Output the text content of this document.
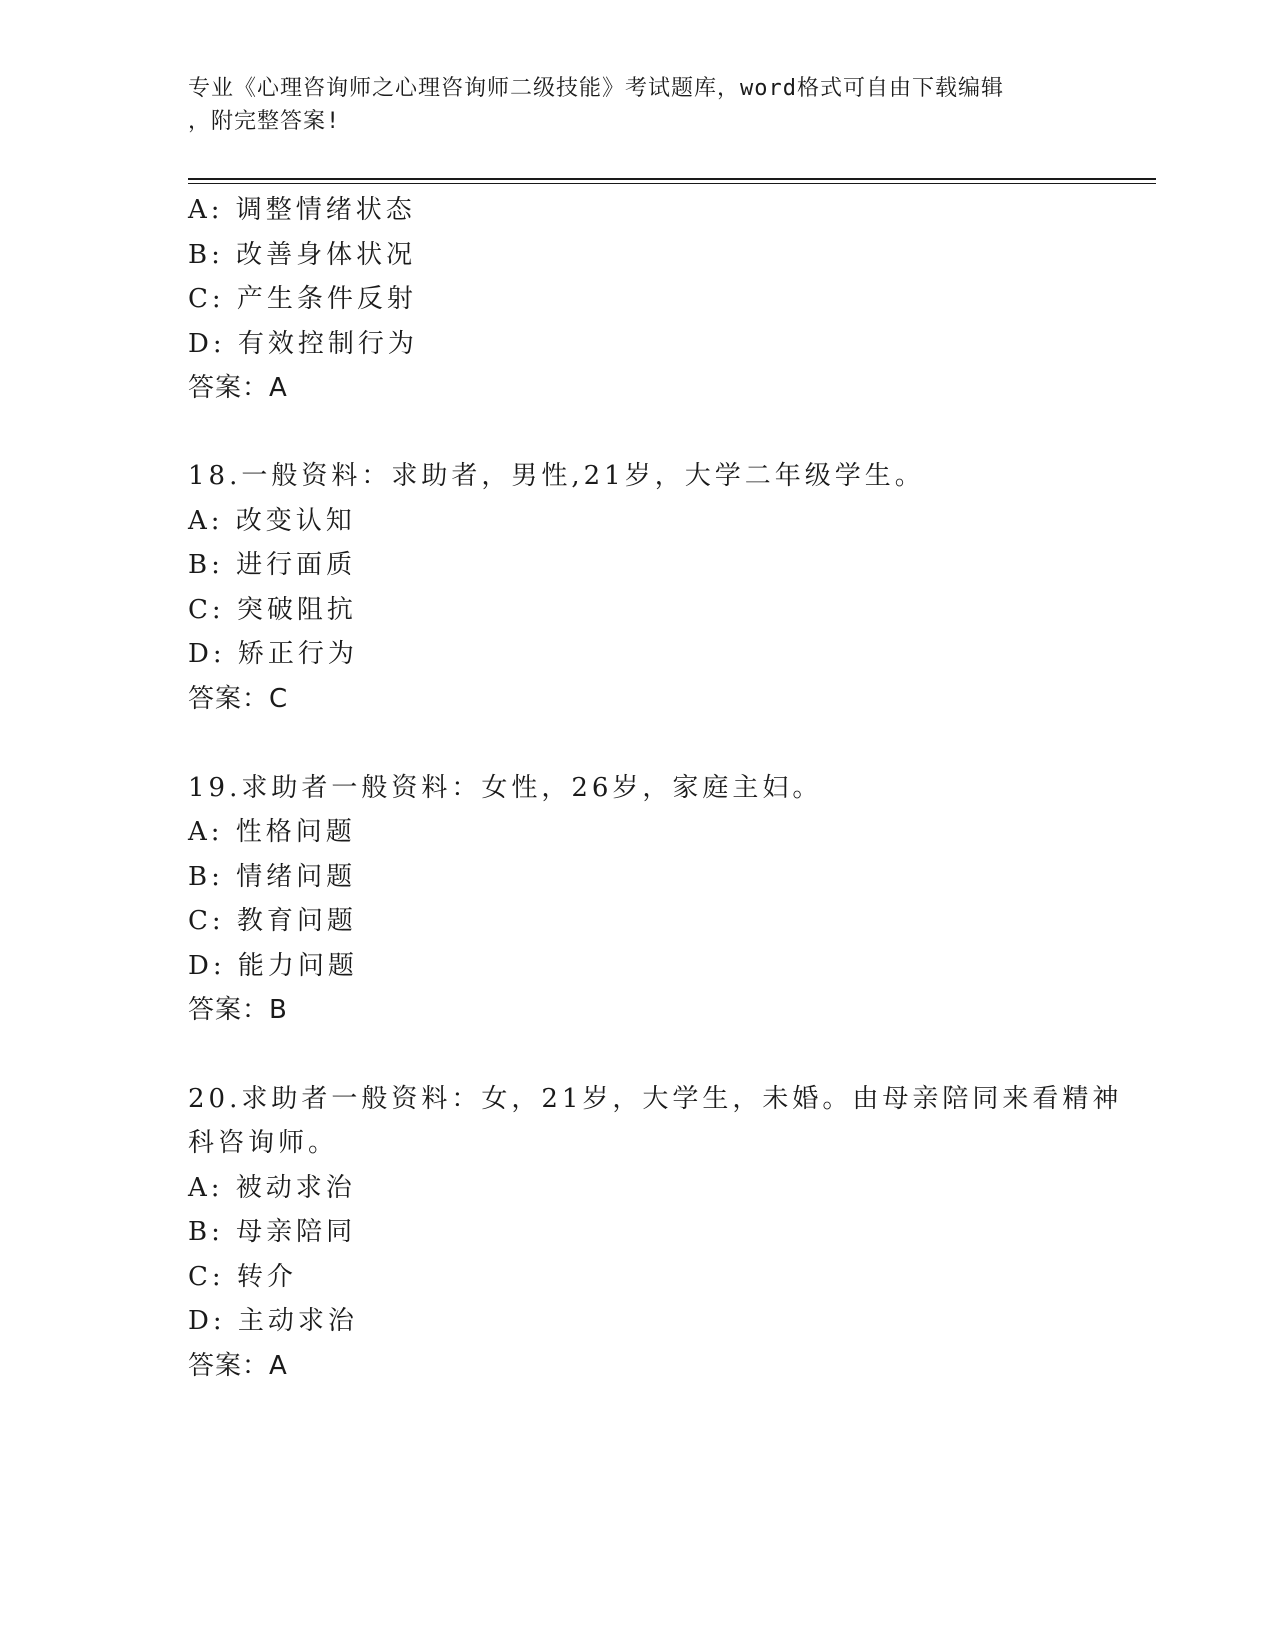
专业《心理咨询师之心理咨询师二级技能》考试题库，word格式可自由下载编辑
，附完整答案!
A: 调整情绪状态
B: 改善身体状况
C: 产生条件反射
D: 有效控制行为
答案：A
18.一般资料：求助者，男性,21岁，大学二年级学生。
A: 改变认知
B: 进行面质
C: 突破阻抗
D: 矫正行为
答案：C
19.求助者一般资料：女性，26岁，家庭主妇。
A: 性格问题
B: 情绪问题
C: 教育问题
D: 能力问题
答案：B
20.求助者一般资料：女，21岁，大学生，未婚。由母亲陪同来看精神
科咨询师。
A: 被动求治
B: 母亲陪同
C: 转介
D: 主动求治
答案：A
